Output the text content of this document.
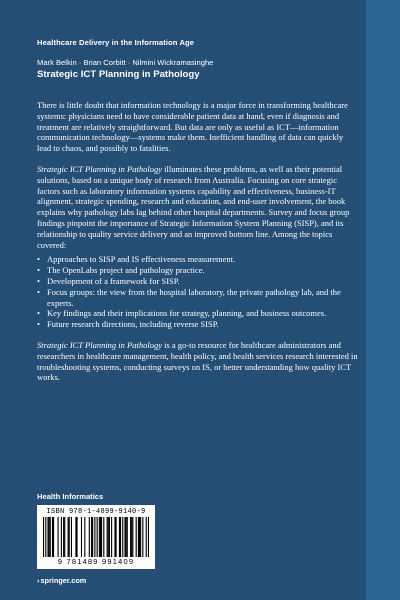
Healthcare Delivery in the Information Age
Mark Belkin · Brian Corbitt · Nilmini Wickramasinghe
Strategic ICT Planning in Pathology

There is little doubt that information technology is a major force in transforming healthcare systems: physicians need to have considerable patient data at hand, even if diagnosis and treatment are relatively straightforward. But data are only as useful as ICT—information communication technology—systems make them. Inefficient handling of data can quickly lead to chaos, and possibly to fatalities.

Strategic ICT Planning in Pathology illuminates these problems, as well as their potential solutions, based on a unique body of research from Australia. Focusing on core strategic factors such as laboratory information systems capability and effectiveness, business-IT alignment, strategic spending, research and education, and end-user involvement, the book explains why pathology labs lag behind other hospital departments. Survey and focus group findings pinpoint the importance of Strategic Information System Planning (SISP), and its relationship to quality service delivery and an improved bottom line. Among the topics covered:

• Approaches to SISP and IS effectiveness measurement.
• The OpenLabs project and pathology practice.
• Development of a framework for SISP.
• Focus groups: the view from the hospital laboratory, the private pathology lab, and the experts.
• Key findings and their implications for strategy, planning, and business outcomes.
• Future research directions, including reverse SISP.

Strategic ICT Planning in Pathology is a go-to resource for healthcare administrators and researchers in healthcare management, health policy, and health services research interested in troubleshooting systems, conducting surveys on IS, or better understanding how quality ICT works.

Health Informatics
ISBN 978-1-4899-9140-9
9 781489 991409
›springer.com
